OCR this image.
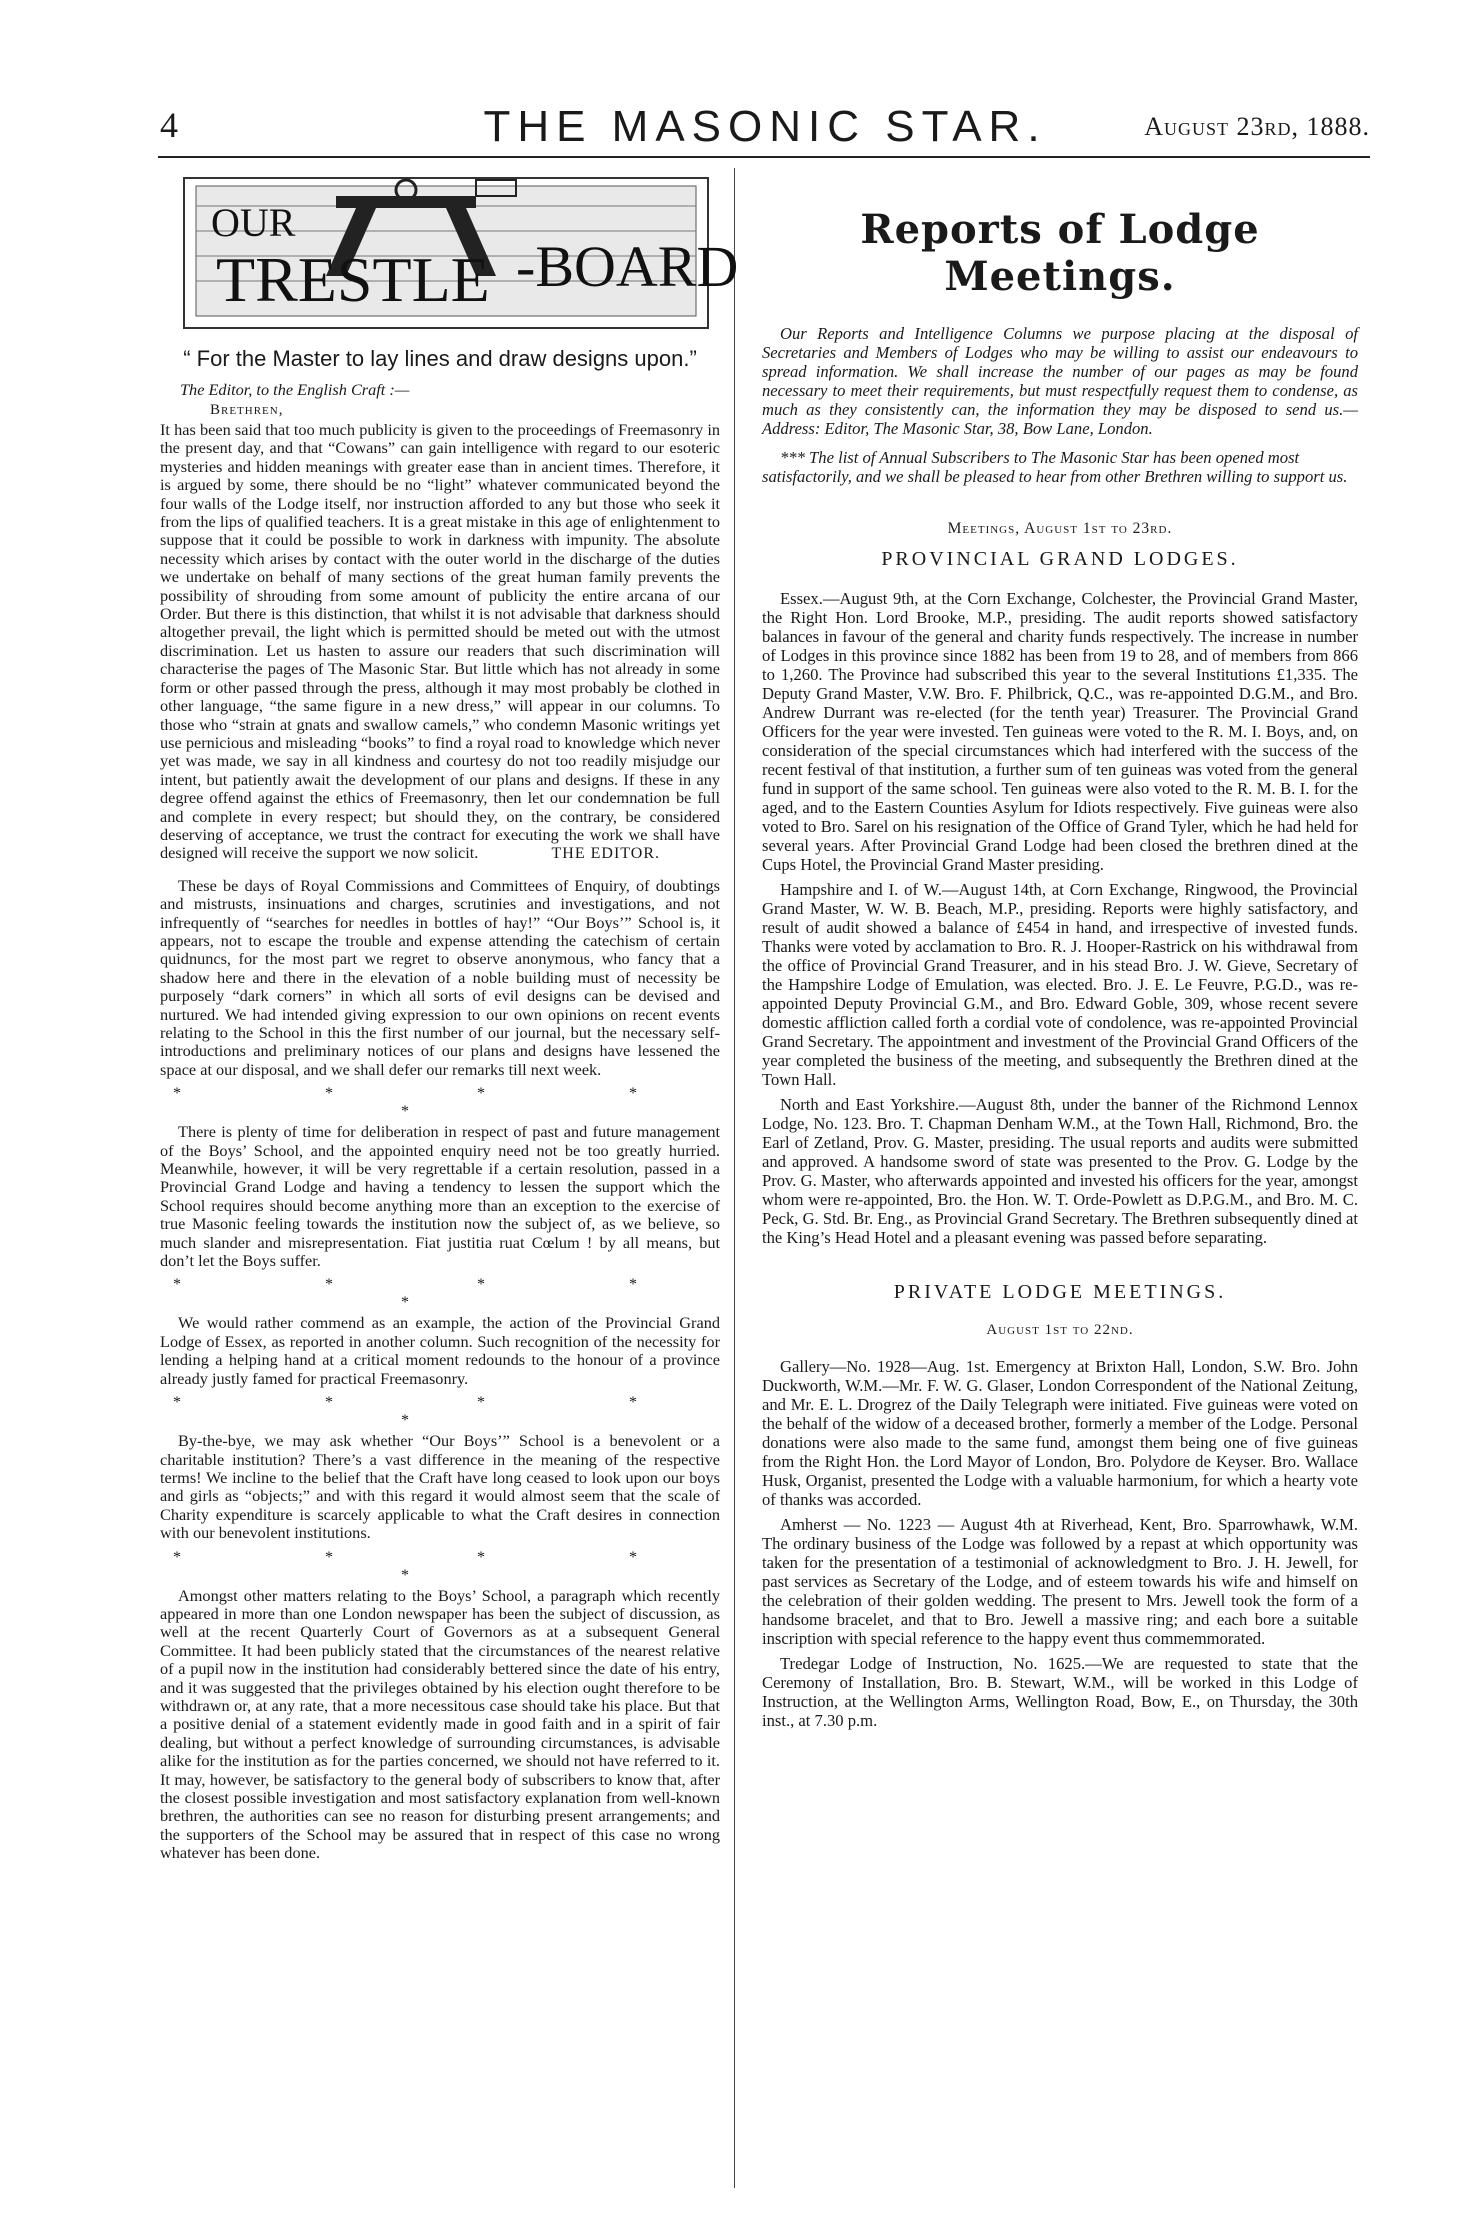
4	THE MASONIC STAR.	August 23rd, 1888.
OUR
TRESTLE -BOARD
“ For the Master to lay lines and draw designs upon.”
The Editor, to the English Craft :—
Brethren,

It has been said that too much publicity is given to the proceedings of Freemasonry in the present day, and that “Cowans” can gain intelligence with regard to our esoteric mysteries and hidden meanings with greater ease than in ancient times. Therefore, it is argued by some, there should be no “light” whatever communicated beyond the four walls of the Lodge itself, nor instruction afforded to any but those who seek it from the lips of qualified teachers. It is a great mistake in this age of enlightenment to suppose that it could be possible to work in darkness with impunity. The absolute necessity which arises by contact with the outer world in the discharge of the duties we undertake on behalf of many sections of the great human family prevents the possibility of shrouding from some amount of publicity the entire arcana of our Order. But there is this distinction, that whilst it is not advisable that darkness should altogether prevail, the light which is permitted should be meted out with the utmost discrimination. Let us hasten to assure our readers that such discrimination will characterise the pages of The Masonic Star. But little which has not already in some form or other passed through the press, although it may most probably be clothed in other language, “the same figure in a new dress,” will appear in our columns. To those who “strain at gnats and swallow camels,” who condemn Masonic writings yet use pernicious and misleading “books” to find a royal road to knowledge which never yet was made, we say in all kindness and courtesy do not too readily misjudge our intent, but patiently await the development of our plans and designs. If these in any degree offend against the ethics of Freemasonry, then let our condemnation be full and complete in every respect; but should they, on the contrary, be considered deserving of acceptance, we trust the contract for executing the work we shall have designed will receive the support we now solicit.	THE EDITOR.

These be days of Royal Commissions and Committees of Enquiry, of doubtings and mistrusts, insinuations and charges, scrutinies and investigations, and not infrequently of “searches for needles in bottles of hay!” “Our Boys’” School is, it appears, not to escape the trouble and expense attending the catechism of certain quidnuncs, for the most part we regret to observe anonymous, who fancy that a shadow here and there in the elevation of a noble building must of necessity be purposely “dark corners” in which all sorts of evil designs can be devised and nurtured. We had intended giving expression to our own opinions on recent events relating to the School in this the first number of our journal, but the necessary self-introductions and preliminary notices of our plans and designs have lessened the space at our disposal, and we shall defer our remarks till next week.

* * * * *

There is plenty of time for deliberation in respect of past and future management of the Boys’ School, and the appointed enquiry need not be too greatly hurried. Meanwhile, however, it will be very regrettable if a certain resolution, passed in a Provincial Grand Lodge and having a tendency to lessen the support which the School requires should become anything more than an exception to the exercise of true Masonic feeling towards the institution now the subject of, as we believe, so much slander and misrepresentation. Fiat justitia ruat Cœlum ! by all means, but don’t let the Boys suffer.

* * * * *

We would rather commend as an example, the action of the Provincial Grand Lodge of Essex, as reported in another column. Such recognition of the necessity for lending a helping hand at a critical moment redounds to the honour of a province already justly famed for practical Freemasonry.

* * * * *

By-the-bye, we may ask whether “Our Boys’” School is a benevolent or a charitable institution? There’s a vast difference in the meaning of the respective terms! We incline to the belief that the Craft have long ceased to look upon our boys and girls as “objects;” and with this regard it would almost seem that the scale of Charity expenditure is scarcely applicable to what the Craft desires in connection with our benevolent institutions.

* * * * *

Amongst other matters relating to the Boys’ School, a paragraph which recently appeared in more than one London newspaper has been the subject of discussion, as well at the recent Quarterly Court of Governors as at a subsequent General Committee. It had been publicly stated that the circumstances of the nearest relative of a pupil now in the institution had considerably bettered since the date of his entry, and it was suggested that the privileges obtained by his election ought therefore to be withdrawn or, at any rate, that a more necessitous case should take his place. But that a positive denial of a statement evidently made in good faith and in a spirit of fair dealing, but without a perfect knowledge of surrounding circumstances, is advisable alike for the institution as for the parties concerned, we should not have referred to it. It may, however, be satisfactory to the general body of subscribers to know that, after the closest possible investigation and most satisfactory explanation from well-known brethren, the authorities can see no reason for disturbing present arrangements; and the supporters of the School may be assured that in respect of this case no wrong whatever has been done.

Reports of Lodge Meetings.

Our Reports and Intelligence Columns we purpose placing at the disposal of Secretaries and Members of Lodges who may be willing to assist our endeavours to spread information. We shall increase the number of our pages as may be found necessary to meet their requirements, but must respectfully request them to condense, as much as they consistently can, the information they may be disposed to send us.—Address: Editor, The Masonic Star, 38, Bow Lane, London.

*** The list of Annual Subscribers to The Masonic Star has been opened most satisfactorily, and we shall be pleased to hear from other Brethren willing to support us.

Meetings, August 1st to 23rd.
PROVINCIAL GRAND LODGES.

Essex.—August 9th, at the Corn Exchange, Colchester, the Provincial Grand Master, the Right Hon. Lord Brooke, M.P., presiding. The audit reports showed satisfactory balances in favour of the general and charity funds respectively. The increase in number of Lodges in this province since 1882 has been from 19 to 28, and of members from 866 to 1,260. The Province had subscribed this year to the several Institutions £1,335. The Deputy Grand Master, V.W. Bro. F. Philbrick, Q.C., was re-appointed D.G.M., and Bro. Andrew Durrant was re-elected (for the tenth year) Treasurer. The Provincial Grand Officers for the year were invested. Ten guineas were voted to the R. M. I. Boys, and, on consideration of the special circumstances which had interfered with the success of the recent festival of that institution, a further sum of ten guineas was voted from the general fund in support of the same school. Ten guineas were also voted to the R. M. B. I. for the aged, and to the Eastern Counties Asylum for Idiots respectively. Five guineas were also voted to Bro. Sarel on his resignation of the Office of Grand Tyler, which he had held for several years. After Provincial Grand Lodge had been closed the brethren dined at the Cups Hotel, the Provincial Grand Master presiding.

Hampshire and I. of W.—August 14th, at Corn Exchange, Ringwood, the Provincial Grand Master, W. W. B. Beach, M.P., presiding. Reports were highly satisfactory, and result of audit showed a balance of £454 in hand, and irrespective of invested funds. Thanks were voted by acclamation to Bro. R. J. Hooper-Rastrick on his withdrawal from the office of Provincial Grand Treasurer, and in his stead Bro. J. W. Gieve, Secretary of the Hampshire Lodge of Emulation, was elected. Bro. J. E. Le Feuvre, P.G.D., was re-appointed Deputy Provincial G.M., and Bro. Edward Goble, 309, whose recent severe domestic affliction called forth a cordial vote of condolence, was re-appointed Provincial Grand Secretary. The appointment and investment of the Provincial Grand Officers of the year completed the business of the meeting, and subsequently the Brethren dined at the Town Hall.

North and East Yorkshire.—August 8th, under the banner of the Richmond Lennox Lodge, No. 123. Bro. T. Chapman Denham W.M., at the Town Hall, Richmond, Bro. the Earl of Zetland, Prov. G. Master, presiding. The usual reports and audits were submitted and approved. A handsome sword of state was presented to the Prov. G. Lodge by the Prov. G. Master, who afterwards appointed and invested his officers for the year, amongst whom were re-appointed, Bro. the Hon. W. T. Orde-Powlett as D.P.G.M., and Bro. M. C. Peck, G. Std. Br. Eng., as Provincial Grand Secretary. The Brethren subsequently dined at the King’s Head Hotel and a pleasant evening was passed before separating.

PRIVATE LODGE MEETINGS.
August 1st to 22nd.

Gallery—No. 1928—Aug. 1st. Emergency at Brixton Hall, London, S.W. Bro. John Duckworth, W.M.—Mr. F. W. G. Glaser, London Correspondent of the National Zeitung, and Mr. E. L. Drogrez of the Daily Telegraph were initiated. Five guineas were voted on the behalf of the widow of a deceased brother, formerly a member of the Lodge. Personal donations were also made to the same fund, amongst them being one of five guineas from the Right Hon. the Lord Mayor of London, Bro. Polydore de Keyser. Bro. Wallace Husk, Organist, presented the Lodge with a valuable harmonium, for which a hearty vote of thanks was accorded.

Amherst — No. 1223 — August 4th at Riverhead, Kent, Bro. Sparrowhawk, W.M. The ordinary business of the Lodge was followed by a repast at which opportunity was taken for the presentation of a testimonial of acknowledgment to Bro. J. H. Jewell, for past services as Secretary of the Lodge, and of esteem towards his wife and himself on the celebration of their golden wedding. The present to Mrs. Jewell took the form of a handsome bracelet, and that to Bro. Jewell a massive ring; and each bore a suitable inscription with special reference to the happy event thus commemmorated.

Tredegar Lodge of Instruction, No. 1625.—We are requested to state that the Ceremony of Installation, Bro. B. Stewart, W.M., will be worked in this Lodge of Instruction, at the Wellington Arms, Wellington Road, Bow, E., on Thursday, the 30th inst., at 7.30 p.m.
